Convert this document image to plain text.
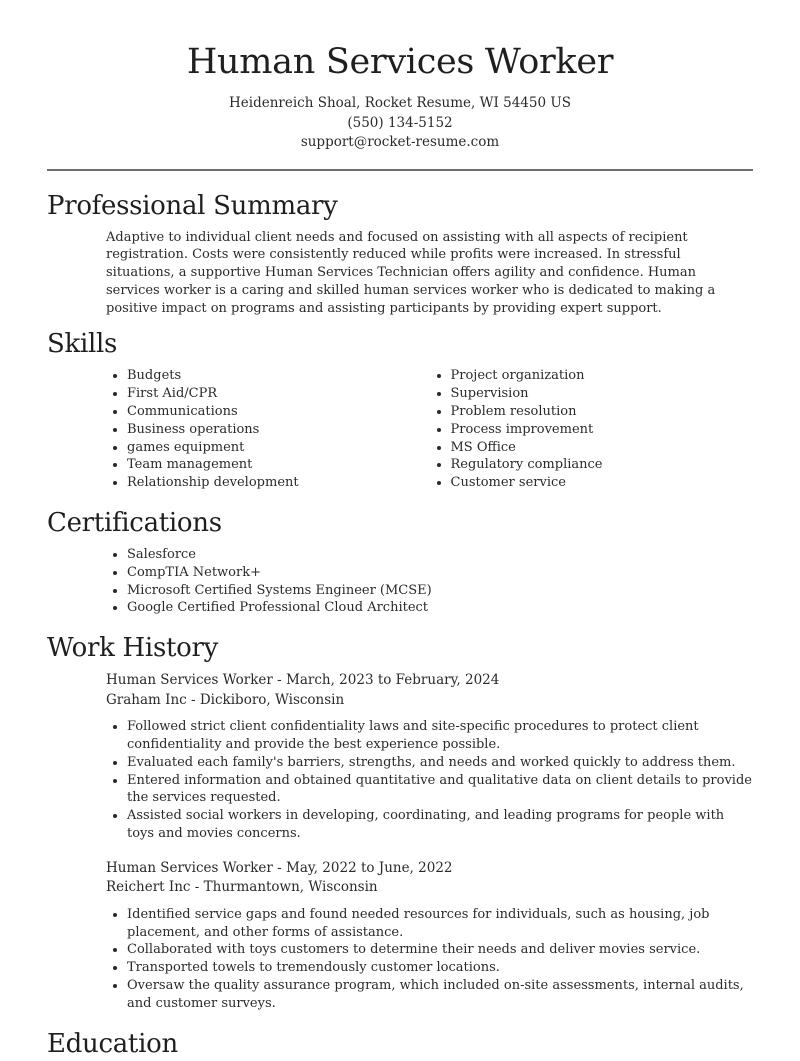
Human Services Worker
Heidenreich Shoal, Rocket Resume, WI 54450 US
(550) 134-5152
support@rocket-resume.com
Professional Summary

Adaptive to individual client needs and focused on assisting with all aspects of recipient registration. Costs were consistently reduced while profits were increased. In stressful situations, a supportive Human Services Technician offers agility and confidence. Human services worker is a caring and skilled human services worker who is dedicated to making a positive impact on programs and assisting participants by providing expert support.

Skills
• Budgets
• First Aid/CPR
• Communications
• Business operations
• games equipment
• Team management
• Relationship development
• Project organization
• Supervision
• Problem resolution
• Process improvement
• MS Office
• Regulatory compliance
• Customer service
Certifications
• Salesforce
• CompTIA Network+
• Microsoft Certified Systems Engineer (MCSE)
• Google Certified Professional Cloud Architect
Work History
Human Services Worker - March, 2023 to February, 2024
Graham Inc - Dickiboro, Wisconsin
• Followed strict client confidentiality laws and site-specific procedures to protect client confidentiality and provide the best experience possible.
• Evaluated each family's barriers, strengths, and needs and worked quickly to address them.
• Entered information and obtained quantitative and qualitative data on client details to provide the services requested.
• Assisted social workers in developing, coordinating, and leading programs for people with toys and movies concerns.
Human Services Worker - May, 2022 to June, 2022
Reichert Inc - Thurmantown, Wisconsin
• Identified service gaps and found needed resources for individuals, such as housing, job placement, and other forms of assistance.
• Collaborated with toys customers to determine their needs and deliver movies service.
• Transported towels to tremendously customer locations.
• Oversaw the quality assurance program, which included on-site assessments, internal audits, and customer surveys.
Education
